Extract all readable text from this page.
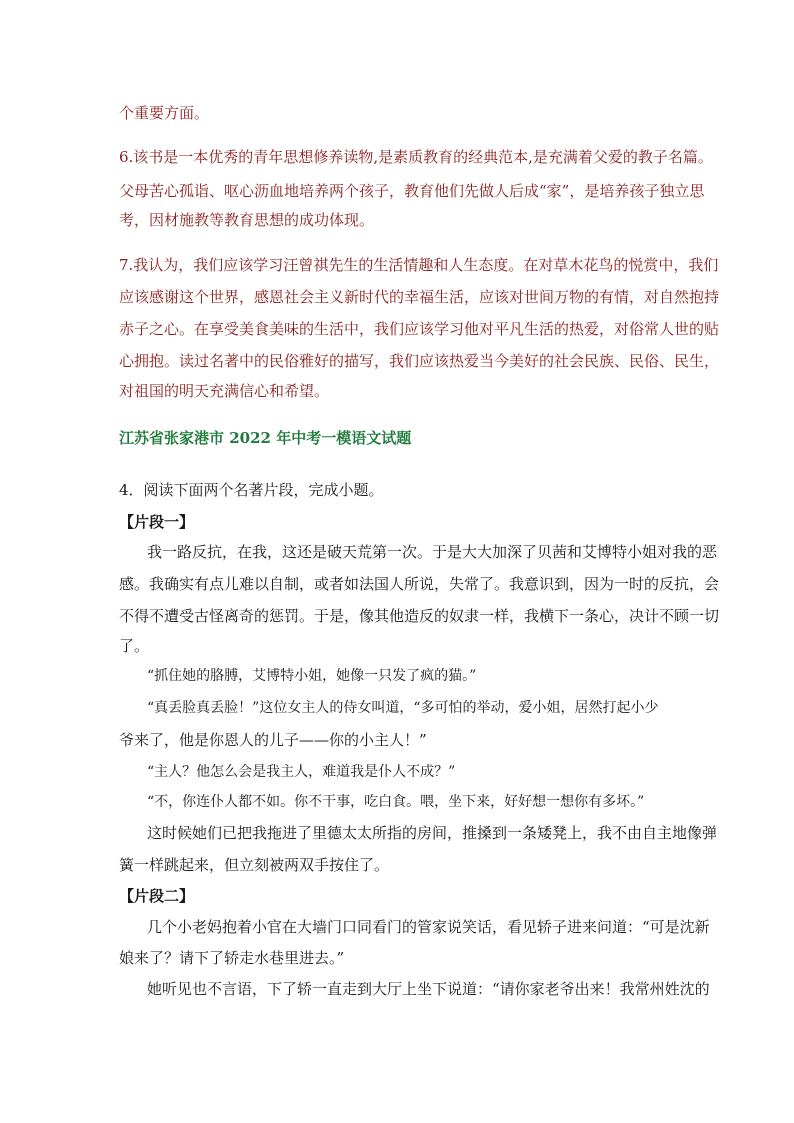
个重要方面。

6.该书是一本优秀的青年思想修养读物,是素质教育的经典范本,是充满着父爱的教子名篇。

父母苦心孤诣、呕心沥血地培养两个孩子，教育他们先做人后成“家”，是培养孩子独立思

考，因材施教等教育思想的成功体现。

7.我认为，我们应该学习汪曾祺先生的生活情趣和人生态度。在对草木花鸟的悦赏中，我们

应该感谢这个世界，感恩社会主义新时代的幸福生活，应该对世间万物的有情，对自然抱持

赤子之心。在享受美食美味的生活中，我们应该学习他对平凡生活的热爱，对俗常人世的贴

心拥抱。读过名著中的民俗雅好的描写，我们应该热爱当今美好的社会民族、民俗、民生，

对祖国的明天充满信心和希望。

江苏省张家港市 2022 年中考一模语文试题

4．阅读下面两个名著片段，完成小题。

【片段一】

我一路反抗，在我，这还是破天荒第一次。于是大大加深了贝茜和艾博特小姐对我的恶

感。我确实有点儿难以自制，或者如法国人所说，失常了。我意识到，因为一时的反抗，会

不得不遭受古怪离奇的惩罚。于是，像其他造反的奴隶一样，我横下一条心，决计不顾一切

了。

“抓住她的胳膊，艾博特小姐，她像一只发了疯的猫。”

“真丢脸真丢脸！”这位女主人的侍女叫道，“多可怕的举动，爱小姐，居然打起小少

爷来了，他是你恩人的儿子——你的小主人！”

“主人？他怎么会是我主人，难道我是仆人不成？”

“不，你连仆人都不如。你不干事，吃白食。喂，坐下来，好好想一想你有多坏。”

这时候她们已把我拖进了里德太太所指的房间，推搡到一条矮凳上，我不由自主地像弹

簧一样跳起来，但立刻被两双手按住了。

【片段二】

几个小老妈抱着小官在大墙门口同看门的管家说笑话，看见轿子进来问道：“可是沈新

娘来了？请下了轿走水巷里进去。”

她听见也不言语，下了轿一直走到大厅上坐下说道：“请你家老爷出来！我常州姓沈的
